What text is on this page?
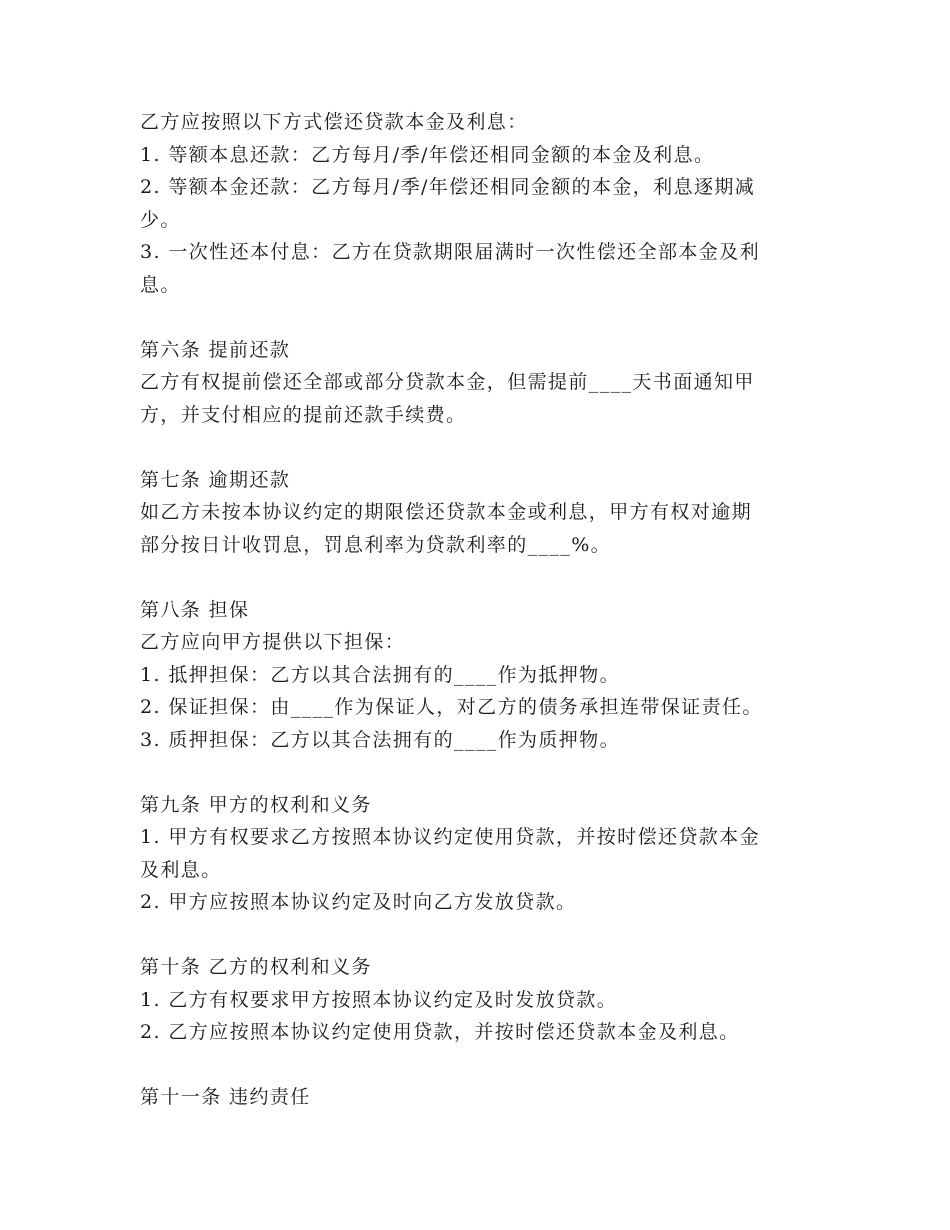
乙方应按照以下方式偿还贷款本金及利息：

1. 等额本息还款：乙方每月/季/年偿还相同金额的本金及利息。

2. 等额本金还款：乙方每月/季/年偿还相同金额的本金，利息逐期减

少。

3. 一次性还本付息：乙方在贷款期限届满时一次性偿还全部本金及利

息。

第六条 提前还款

乙方有权提前偿还全部或部分贷款本金，但需提前____天书面通知甲

方，并支付相应的提前还款手续费。

第七条 逾期还款

如乙方未按本协议约定的期限偿还贷款本金或利息，甲方有权对逾期

部分按日计收罚息，罚息利率为贷款利率的____%。

第八条 担保

乙方应向甲方提供以下担保：

1. 抵押担保：乙方以其合法拥有的____作为抵押物。

2. 保证担保：由____作为保证人，对乙方的债务承担连带保证责任。

3. 质押担保：乙方以其合法拥有的____作为质押物。

第九条 甲方的权利和义务

1. 甲方有权要求乙方按照本协议约定使用贷款，并按时偿还贷款本金

及利息。

2. 甲方应按照本协议约定及时向乙方发放贷款。

第十条 乙方的权利和义务

1. 乙方有权要求甲方按照本协议约定及时发放贷款。

2. 乙方应按照本协议约定使用贷款，并按时偿还贷款本金及利息。

第十一条 违约责任
